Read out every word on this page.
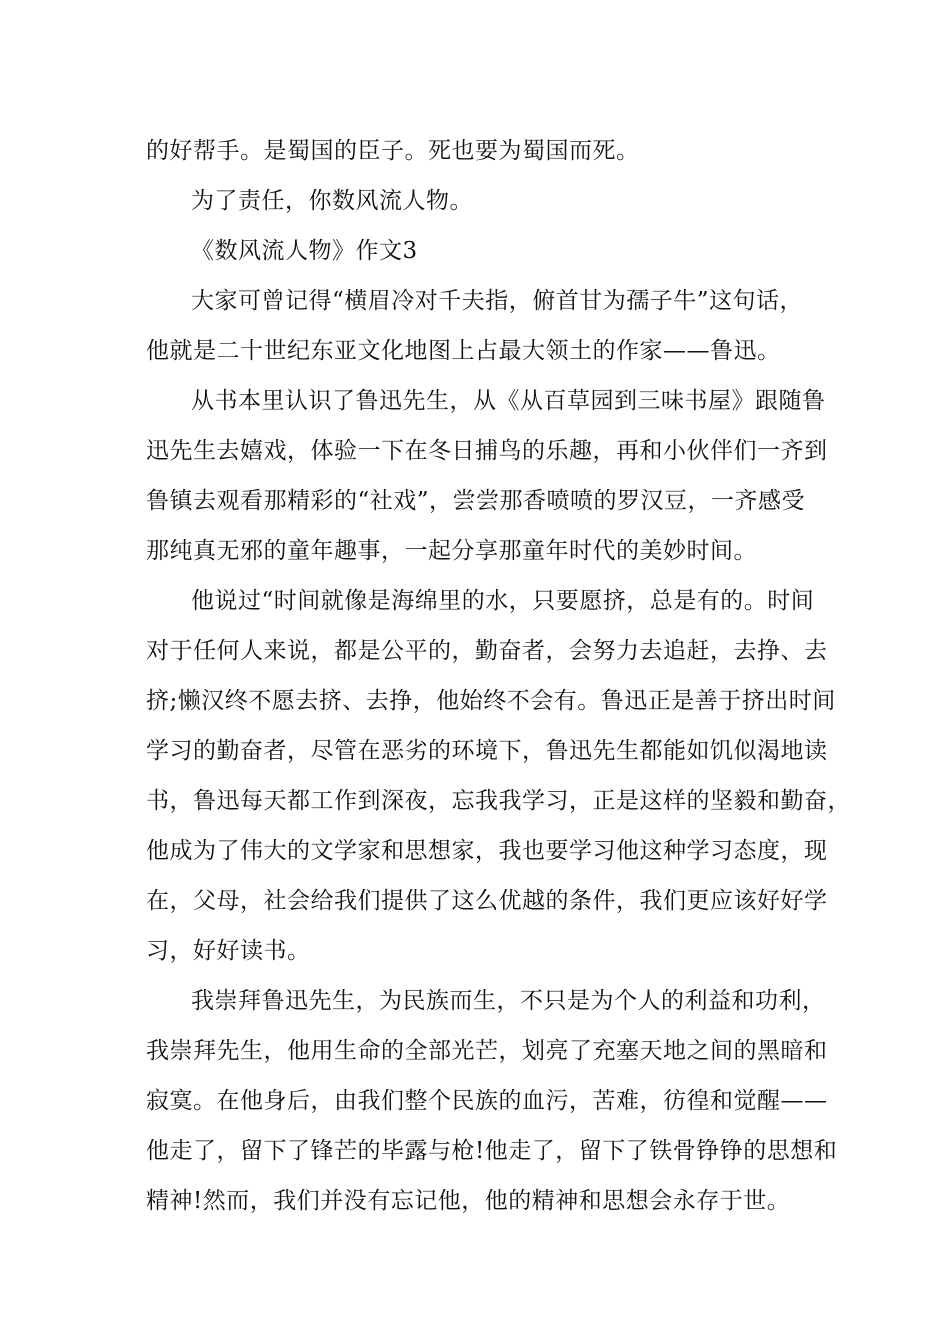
的好帮手。是蜀国的臣子。死也要为蜀国而死。
为了责任，你数风流人物。
《数风流人物》作文3
大家可曾记得“横眉冷对千夫指，俯首甘为孺子牛”这句话，
他就是二十世纪东亚文化地图上占最大领土的作家——鲁迅。
从书本里认识了鲁迅先生，从《从百草园到三味书屋》跟随鲁
迅先生去嬉戏，体验一下在冬日捕鸟的乐趣，再和小伙伴们一齐到
鲁镇去观看那精彩的“社戏”，尝尝那香喷喷的罗汉豆，一齐感受
那纯真无邪的童年趣事，一起分享那童年时代的美妙时间。
他说过“时间就像是海绵里的水，只要愿挤，总是有的。时间
对于任何人来说，都是公平的，勤奋者，会努力去追赶，去挣、去
挤;懒汉终不愿去挤、去挣，他始终不会有。鲁迅正是善于挤出时间
学习的勤奋者，尽管在恶劣的环境下，鲁迅先生都能如饥似渴地读
书，鲁迅每天都工作到深夜，忘我我学习，正是这样的坚毅和勤奋，
他成为了伟大的文学家和思想家，我也要学习他这种学习态度，现
在，父母，社会给我们提供了这么优越的条件，我们更应该好好学
习，好好读书。
我崇拜鲁迅先生，为民族而生，不只是为个人的利益和功利，
我崇拜先生，他用生命的全部光芒，划亮了充塞天地之间的黑暗和
寂寞。在他身后，由我们整个民族的血污，苦难，彷徨和觉醒——
他走了，留下了锋芒的毕露与枪!他走了，留下了铁骨铮铮的思想和
精神!然而，我们并没有忘记他，他的精神和思想会永存于世。
